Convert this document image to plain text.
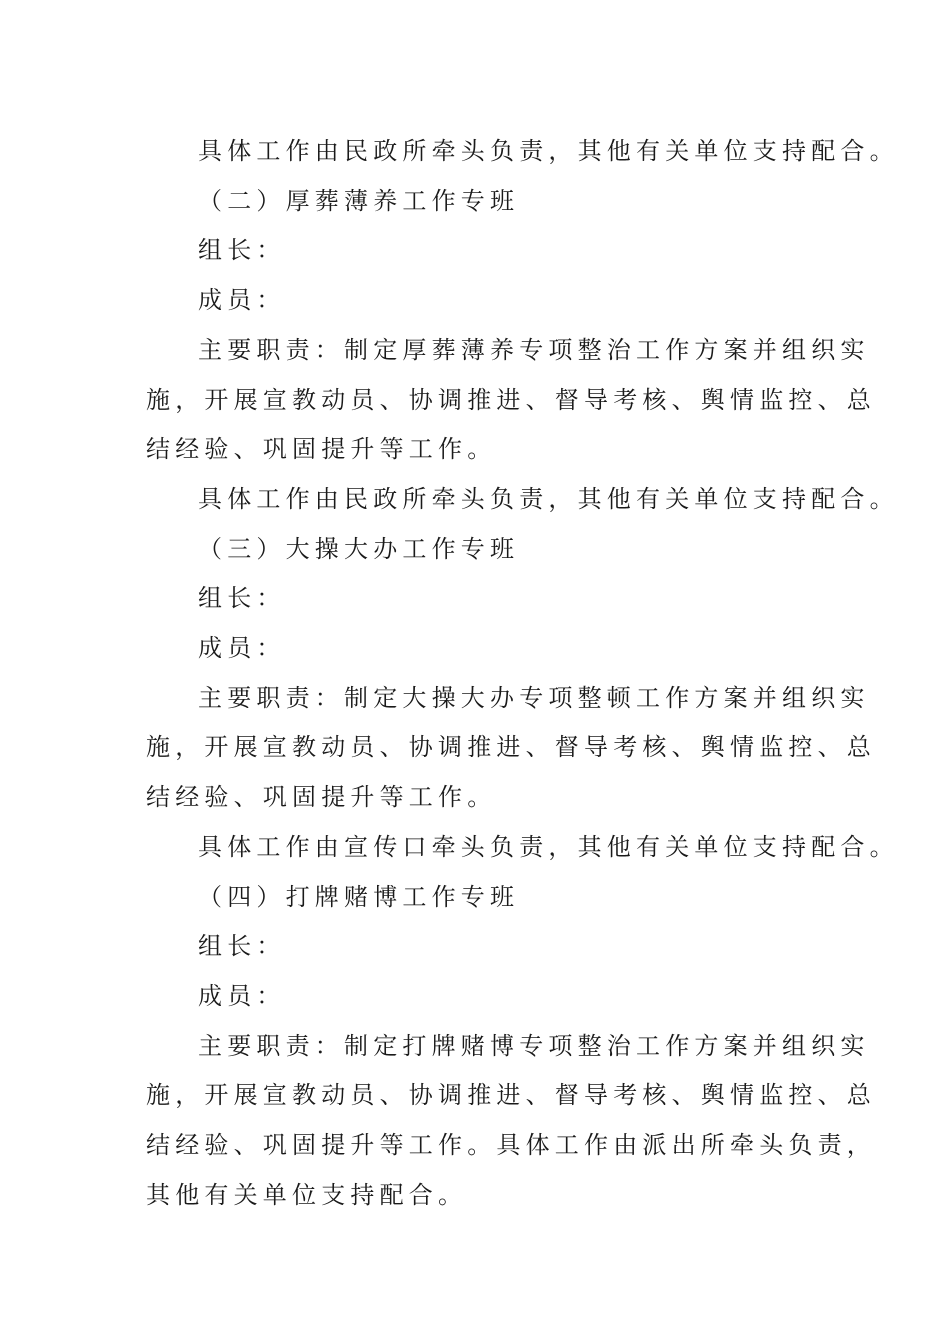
具体工作由民政所牵头负责，其他有关单位支持配合。

（二）厚葬薄养工作专班

组长：

成员：

主要职责：制定厚葬薄养专项整治工作方案并组织实

施，开展宣教动员、协调推进、督导考核、舆情监控、总

结经验、巩固提升等工作。

具体工作由民政所牵头负责，其他有关单位支持配合。

（三）大操大办工作专班

组长：

成员：

主要职责：制定大操大办专项整顿工作方案并组织实

施，开展宣教动员、协调推进、督导考核、舆情监控、总

结经验、巩固提升等工作。

具体工作由宣传口牵头负责，其他有关单位支持配合。

（四）打牌赌博工作专班

组长：

成员：

主要职责：制定打牌赌博专项整治工作方案并组织实

施，开展宣教动员、协调推进、督导考核、舆情监控、总

结经验、巩固提升等工作。具体工作由派出所牵头负责，

其他有关单位支持配合。
